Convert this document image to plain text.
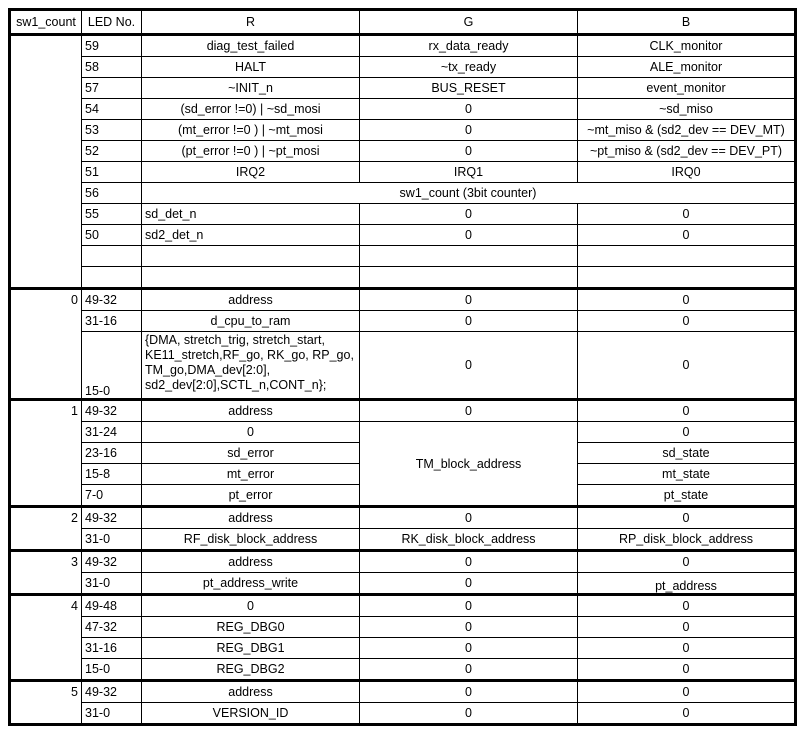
sw1_count	LED No.	R	G	B
	59	diag_test_failed	rx_data_ready	CLK_monitor
	58	HALT	~tx_ready	ALE_monitor
	57	~INIT_n	BUS_RESET	event_monitor
	54	(sd_error !=0) | ~sd_mosi	0	~sd_miso
	53	(mt_error !=0 ) | ~mt_mosi	0	~mt_miso & (sd2_dev == DEV_MT)
	52	(pt_error !=0 ) | ~pt_mosi	0	~pt_miso & (sd2_dev == DEV_PT)
	51	IRQ2	IRQ1	IRQ0
	56	sw1_count (3bit counter)		
	55	sd_det_n	0	0
	50	sd2_det_n	0	0

0	49-32	address	0	0
	31-16	d_cpu_to_ram	0	0
	15-0	{DMA, stretch_trig, stretch_start, KE11_stretch,RF_go, RK_go, RP_go, TM_go,DMA_dev[2:0], sd2_dev[2:0],SCTL_n,CONT_n};	0	0
1	49-32	address	0	0
	31-24	0	TM_block_address	0
	23-16	sd_error		sd_state
	15-8	mt_error		mt_state
	7-0	pt_error		pt_state
2	49-32	address	0	0
	31-0	RF_disk_block_address	RK_disk_block_address	RP_disk_block_address
3	49-32	address	0	0
	31-0	pt_address_write	0	pt_address
4	49-48	0	0	0
	47-32	REG_DBG0	0	0
	31-16	REG_DBG1	0	0
	15-0	REG_DBG2	0	0
5	49-32	address	0	0
	31-0	VERSION_ID	0	0
